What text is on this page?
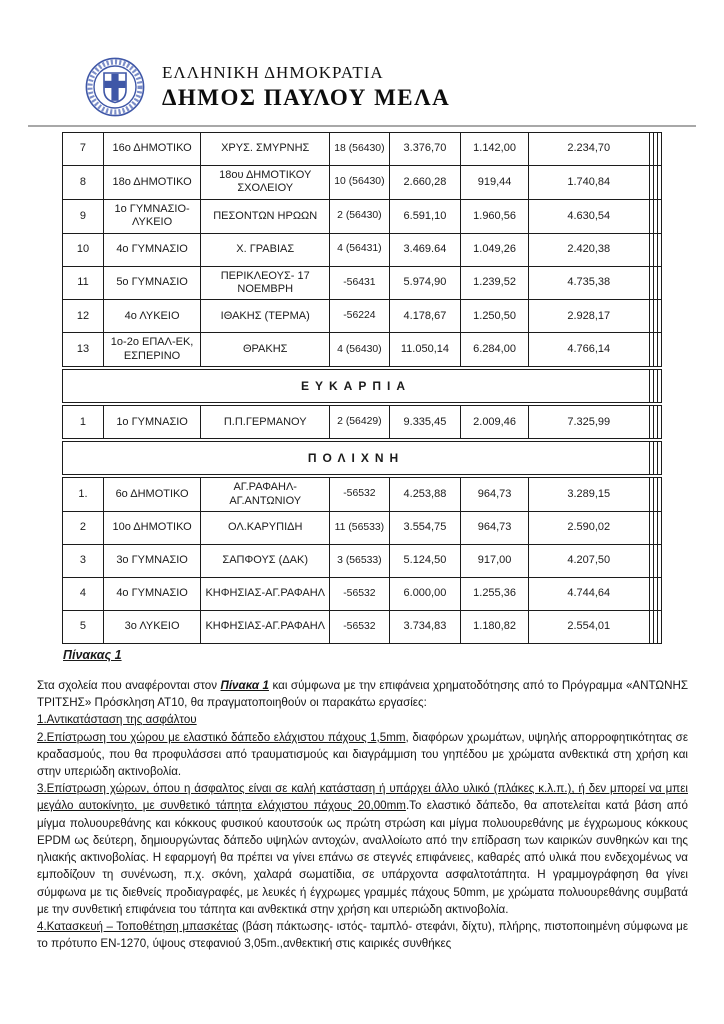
ΕΛΛΗΝΙΚΗ ΔΗΜΟΚΡΑΤΙΑ
ΔΗΜΟΣ ΠΑΥΛΟΥ ΜΕΛΑ
7	16ο ΔΗΜΟΤΙΚΟ	ΧΡΥΣ. ΣΜΥΡΝΗΣ	18 (56430)	3.376,70	1.142,00	2.234,70			
8	18ο ΔΗΜΟΤΙΚΟ	18ου ΔΗΜΟΤΙΚΟΥ ΣΧΟΛΕΙΟΥ	10 (56430)	2.660,28	919,44	1.740,84			
9	1ο ΓΥΜΝΑΣΙΟ-ΛΥΚΕΙΟ	ΠΕΣΟΝΤΩΝ ΗΡΩΩΝ	2 (56430)	6.591,10	1.960,56	4.630,54			
10	4ο ΓΥΜΝΑΣΙΟ	Χ. ΓΡΑΒΙΑΣ	4 (56431)	3.469.64	1.049,26	2.420,38			
11	5ο ΓΥΜΝΑΣΙΟ	ΠΕΡΙΚΛΕΟΥΣ- 17 ΝΟΕΜΒΡΗ	-56431	5.974,90	1.239,52	4.735,38			
12	4ο ΛΥΚΕΙΟ	ΙΘΑΚΗΣ (ΤΕΡΜΑ)	-56224	4.178,67	1.250,50	2.928,17			
13	1ο-2ο ΕΠΑΛ-ΕΚ, ΕΣΠΕΡΙΝΟ	ΘΡΑΚΗΣ	4 (56430)	11.050,14	6.284,00	4.766,14			
ΕΥΚΑΡΠΙΑ			
1	1ο ΓΥΜΝΑΣΙΟ	Π.Π.ΓΕΡΜΑΝΟΥ	2 (56429)	9.335,45	2.009,46	7.325,99			
ΠΟΛΙΧΝΗ			
1.	6ο ΔΗΜΟΤΙΚΟ	ΑΓ.ΡΑΦΑΗΛ- ΑΓ.ΑΝΤΩΝΙΟΥ	-56532	4.253,88	964,73	3.289,15			
2	10ο ΔΗΜΟΤΙΚΟ	ΟΛ.ΚΑΡΥΠΙΔΗ	11 (56533)	3.554,75	964,73	2.590,02			
3	3ο ΓΥΜΝΑΣΙΟ	ΣΑΠΦΟΥΣ (ΔΑΚ)	3 (56533)	5.124,50	917,00	4.207,50			
4	4ο ΓΥΜΝΑΣΙΟ	ΚΗΦΗΣΙΑΣ-ΑΓ.ΡΑΦΑΗΛ	-56532	6.000,00	1.255,36	4.744,64			
5	3ο ΛΥΚΕΙΟ	ΚΗΦΗΣΙΑΣ-ΑΓ.ΡΑΦΑΗΛ	-56532	3.734,83	1.180,82	2.554,01			
Πίνακας 1

Στα σχολεία που αναφέρονται στον Πίνακα 1 και σύμφωνα με την επιφάνεια χρηματοδότησης από το Πρόγραμμα «ΑΝΤΩΝΗΣ ΤΡΙΤΣΗΣ» Πρόσκληση ΑΤ10, θα πραγματοποιηθούν οι παρακάτω εργασίες:

1.Αντικατάσταση της ασφάλτου

2.Επίστρωση του χώρου με ελαστικό δάπεδο ελάχιστου πάχους 1,5mm, διαφόρων χρωμάτων, υψηλής απορροφητικότητας σε κραδασμούς, που θα προφυλάσσει από τραυματισμούς και διαγράμμιση του γηπέδου με χρώματα ανθεκτικά στη χρήση και στην υπεριώδη ακτινοβολία.

3.Επίστρωση χώρων, όπου η άσφαλτος είναι σε καλή κατάσταση ή υπάρχει άλλο υλικό (πλάκες κ.λ.π.), ή δεν μπορεί να μπει μεγάλο αυτοκίνητο, με συνθετικό τάπητα ελάχιστου πάχους 20,00mm.Το ελαστικό δάπεδο, θα αποτελείται κατά βάση από μίγμα πολυουρεθάνης και κόκκους φυσικού καουτσούκ ως πρώτη στρώση και μίγμα πολυουρεθάνης με έγχρωμους κόκκους EPDM ως δεύτερη, δημιουργώντας δάπεδο υψηλών αντοχών, αναλλοίωτο από την επίδραση των καιρικών συνθηκών και της ηλιακής ακτινοβολίας. Η εφαρμογή θα πρέπει να γίνει επάνω σε στεγνές επιφάνειες, καθαρές από υλικά που ενδεχομένως να εμποδίζουν τη συνένωση, π.χ. σκόνη, χαλαρά σωματίδια, σε υπάρχοντα ασφαλτοτάπητα. Η γραμμογράφηση θα γίνει σύμφωνα με τις διεθνείς προδιαγραφές, με λευκές ή έγχρωμες γραμμές πάχους 50mm, με χρώματα πολυουρεθάνης συμβατά με την συνθετική επιφάνεια του τάπητα και ανθεκτικά στην χρήση και υπεριώδη ακτινοβολία.

4.Κατασκευή – Τοποθέτηση μπασκέτας (βάση πάκτωσης- ιστός- ταμπλό- στεφάνι, δίχτυ), πλήρης, πιστοποιημένη σύμφωνα με το πρότυπο ΕΝ-1270, ύψους στεφανιού 3,05m.,ανθεκτική στις καιρικές συνθήκες
